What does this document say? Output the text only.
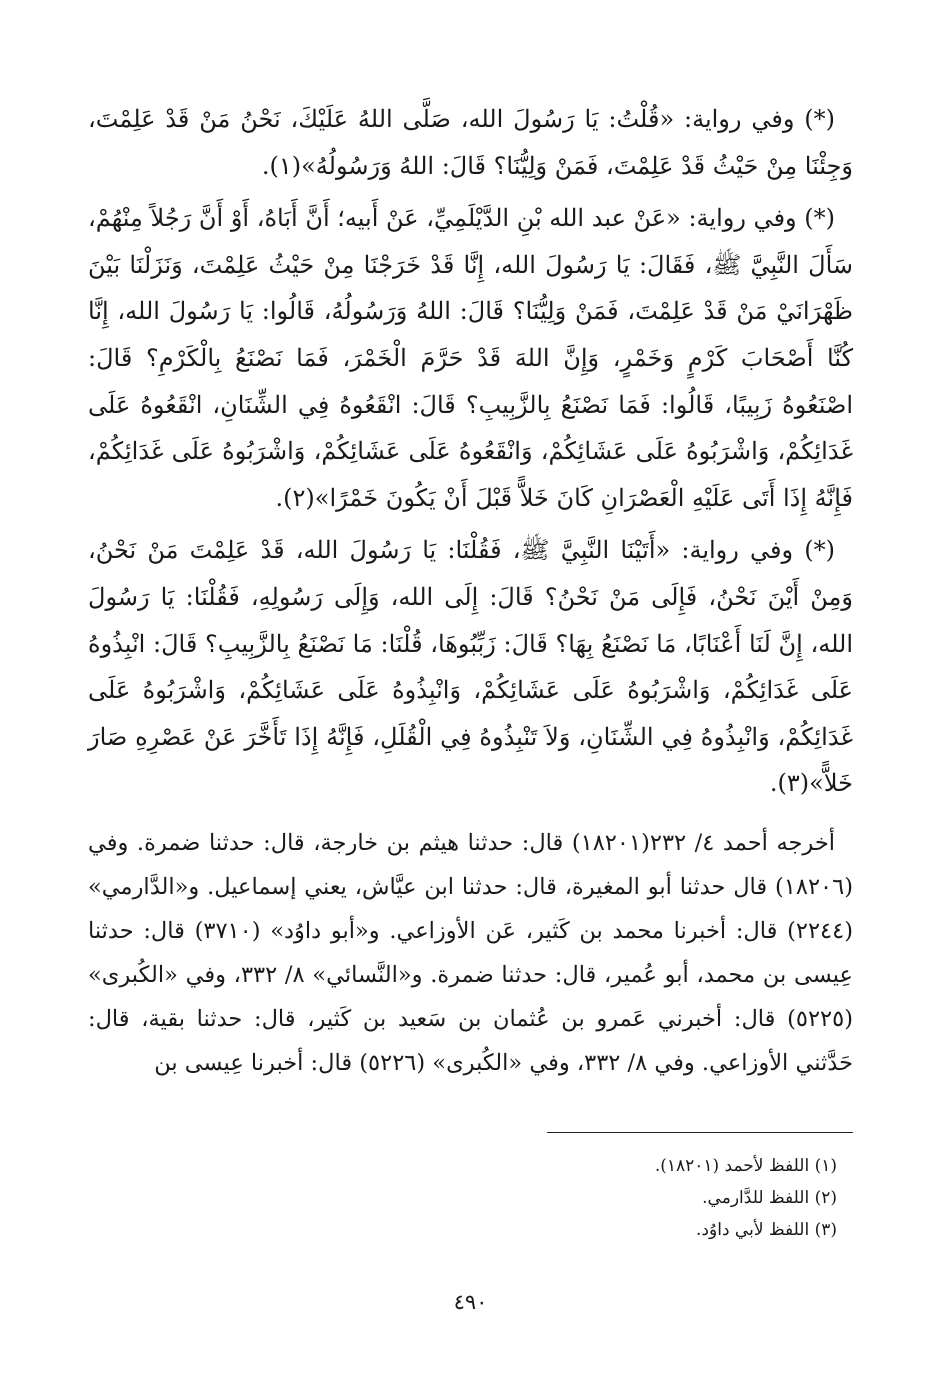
(*) وفي رواية: «قُلْتُ: يَا رَسُولَ الله، صَلَّى اللهُ عَلَيْكَ، نَحْنُ مَنْ قَدْ عَلِمْتَ، وَجِئْنَا مِنْ حَيْثُ قَدْ عَلِمْتَ، فَمَنْ وَلِيُّنَا؟ قَالَ: اللهُ وَرَسُولُهُ»(١).

(*) وفي رواية: «عَنْ عبد الله بْنِ الدَّيْلَمِيِّ، عَنْ أَبيه؛ أَنَّ أَبَاهُ، أَوْ أَنَّ رَجُلاً مِنْهُمْ، سَأَلَ النَّبِيَّ ﷺ، فَقَالَ: يَا رَسُولَ الله، إِنَّا قَدْ خَرَجْنَا مِنْ حَيْثُ عَلِمْتَ، وَنَزَلْنَا بَيْنَ ظَهْرَانَيْ مَنْ قَدْ عَلِمْتَ، فَمَنْ وَلِيُّنَا؟ قَالَ: اللهُ وَرَسُولُهُ، قَالُوا: يَا رَسُولَ الله، إِنَّا كُنَّا أَصْحَابَ كَرْمٍ وَخَمْرٍ، وَإِنَّ اللهَ قَدْ حَرَّمَ الْخَمْرَ، فَمَا نَصْنَعُ بِالْكَرْمِ؟ قَالَ: اصْنَعُوهُ زَبِيبًا، قَالُوا: فَمَا نَصْنَعُ بِالزَّبِيبِ؟ قَالَ: انْقَعُوهُ فِي الشِّنَانِ، انْقَعُوهُ عَلَى غَدَائِكُمْ، وَاشْرَبُوهُ عَلَى عَشَائِكُمْ، وَانْقَعُوهُ عَلَى عَشَائِكُمْ، وَاشْرَبُوهُ عَلَى غَدَائِكُمْ، فَإِنَّهُ إِذَا أَتَى عَلَيْهِ الْعَصْرَانِ كَانَ خَلاًّ قَبْلَ أَنْ يَكُونَ خَمْرًا»(٢).

(*) وفي رواية: «أَتَيْنَا النَّبِيَّ ﷺ، فَقُلْنَا: يَا رَسُولَ الله، قَدْ عَلِمْتَ مَنْ نَحْنُ، وَمِنْ أَيْنَ نَحْنُ، فَإِلَى مَنْ نَحْنُ؟ قَالَ: إِلَى الله، وَإِلَى رَسُولِهِ، فَقُلْنَا: يَا رَسُولَ الله، إِنَّ لَنَا أَعْنَابًا، مَا نَصْنَعُ بِهَا؟ قَالَ: زَبِّبُوهَا، قُلْنَا: مَا نَصْنَعُ بِالزَّبِيبِ؟ قَالَ: انْبِذُوهُ عَلَى غَدَائِكُمْ، وَاشْرَبُوهُ عَلَى عَشَائِكُمْ، وَانْبِذُوهُ عَلَى عَشَائِكُمْ، وَاشْرَبُوهُ عَلَى غَدَائِكُمْ، وَانْبِذُوهُ فِي الشِّنَانِ، وَلاَ تَنْبِذُوهُ فِي الْقُلَلِ، فَإِنَّهُ إِذَا تَأَخَّرَ عَنْ عَصْرِهِ صَارَ خَلاًّ»(٣).

أخرجه أحمد ٤/ ٢٣٢(١٨٢٠١) قال: حدثنا هيثم بن خارجة، قال: حدثنا ضمرة. وفي (١٨٢٠٦) قال حدثنا أبو المغيرة، قال: حدثنا ابن عيَّاش، يعني إسماعيل. و«الدَّارمي» (٢٢٤٤) قال: أخبرنا محمد بن كَثير، عَن الأوزاعي. و«أبو داوُد» (٣٧١٠) قال: حدثنا عِيسى بن محمد، أبو عُمير، قال: حدثنا ضمرة. و«النَّسائي» ٨/ ٣٣٢، وفي «الكُبرى» (٥٢٢٥) قال: أخبرني عَمرو بن عُثمان بن سَعيد بن كَثير، قال: حدثنا بقية، قال: حَدَّثني الأوزاعي. وفي ٨/ ٣٣٢، وفي «الكُبرى» (٥٢٢٦) قال: أخبرنا عِيسى بن

(١) اللفظ لأحمد (١٨٢٠١).
(٢) اللفظ للدَّارمي.
(٣) اللفظ لأبي داوُد.
٤٩٠
